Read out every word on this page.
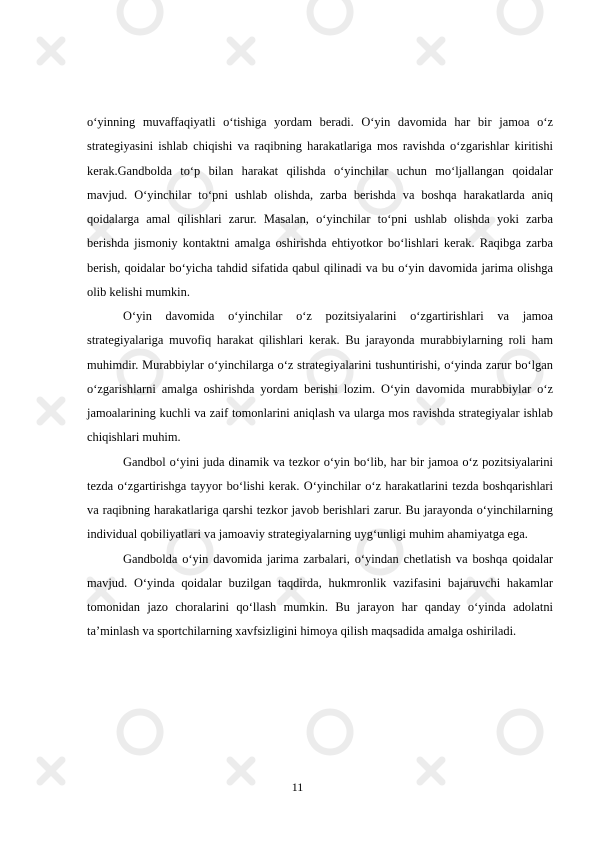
o‘yinning muvaffaqiyatli o‘tishiga yordam beradi. O‘yin davomida har bir jamoa o‘z strategiyasini ishlab chiqishi va raqibning harakatlariga mos ravishda o‘zgarishlar kiritishi kerak.Gandbolda to‘p bilan harakat qilishda o‘yinchilar uchun mo‘ljallangan qoidalar mavjud. O‘yinchilar to‘pni ushlab olishda, zarba berishda va boshqa harakatlarda aniq qoidalarga amal qilishlari zarur. Masalan, o‘yinchilar to‘pni ushlab olishda yoki zarba berishda jismoniy kontaktni amalga oshirishda ehtiyotkor bo‘lishlari kerak. Raqibga zarba berish, qoidalar bo‘yicha tahdid sifatida qabul qilinadi va bu o‘yin davomida jarima olishga olib kelishi mumkin.

O‘yin davomida o‘yinchilar o‘z pozitsiyalarini o‘zgartirishlari va jamoa strategiyalariga muvofiq harakat qilishlari kerak. Bu jarayonda murabbiylarning roli ham muhimdir. Murabbiylar o‘yinchilarga o‘z strategiyalarini tushuntirishi, o‘yinda zarur bo‘lgan o‘zgarishlarni amalga oshirishda yordam berishi lozim. O‘yin davomida murabbiylar o‘z jamoalarining kuchli va zaif tomonlarini aniqlash va ularga mos ravishda strategiyalar ishlab chiqishlari muhim.

Gandbol o‘yini juda dinamik va tezkor o‘yin bo‘lib, har bir jamoa o‘z pozitsiyalarini tezda o‘zgartirishga tayyor bo‘lishi kerak. O‘yinchilar o‘z harakatlarini tezda boshqarishlari va raqibning harakatlariga qarshi tezkor javob berishlari zarur. Bu jarayonda o‘yinchilarning individual qobiliyatlari va jamoaviy strategiyalarning uyg‘unligi muhim ahamiyatga ega.

Gandbolda o‘yin davomida jarima zarbalari, o‘yindan chetlatish va boshqa qoidalar mavjud. O‘yinda qoidalar buzilgan taqdirda, hukmronlik vazifasini bajaruvchi hakamlar tomonidan jazo choralarini qo‘llash mumkin. Bu jarayon har qanday o‘yinda adolatni ta’minlash va sportchilarning xavfsizligini himoya qilish maqsadida amalga oshiriladi.

11
